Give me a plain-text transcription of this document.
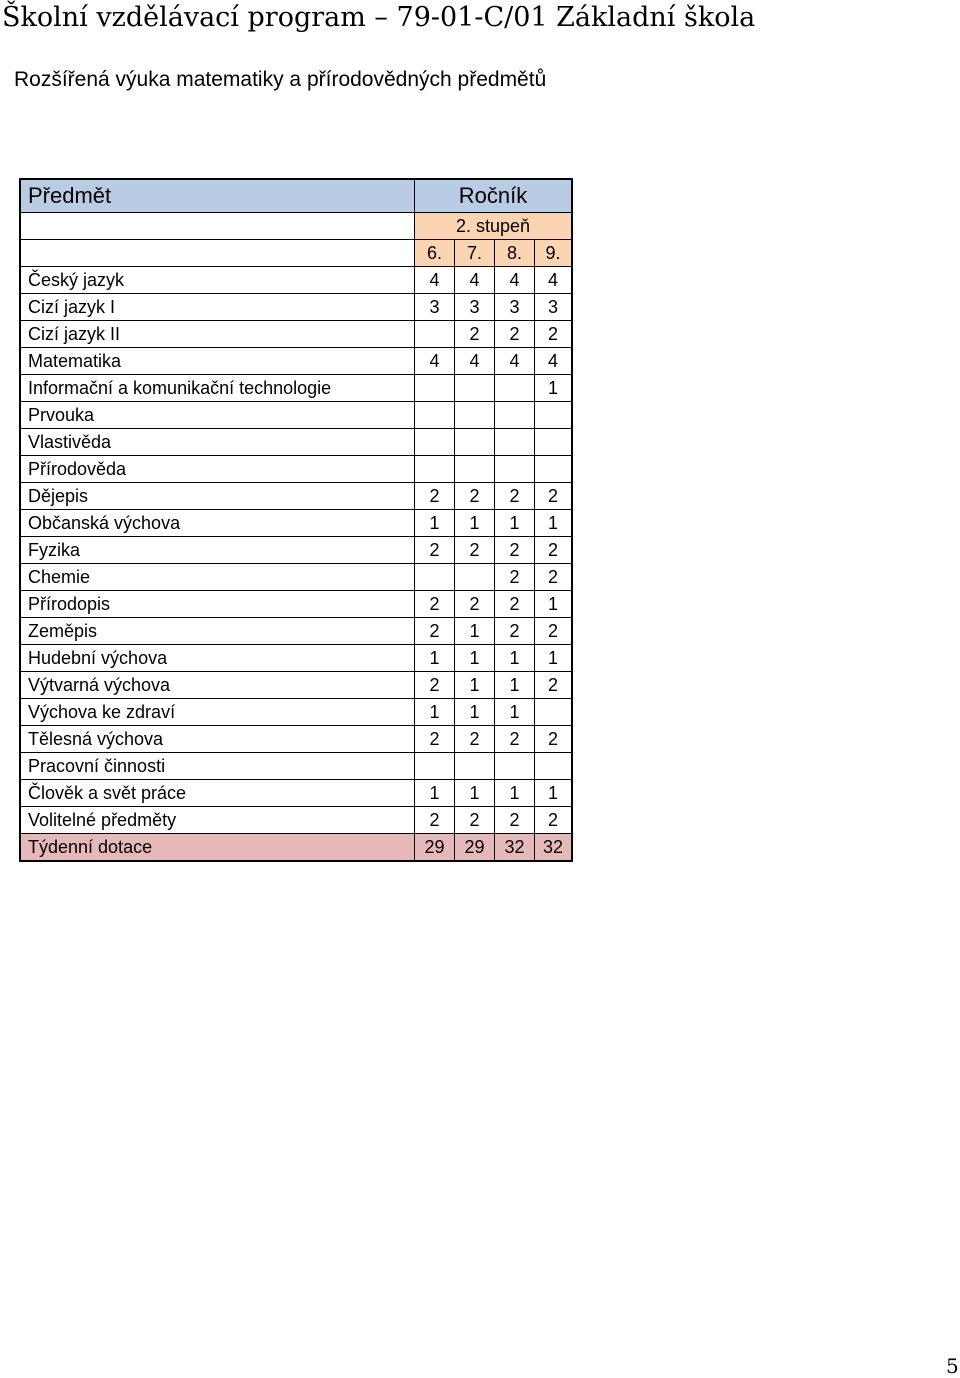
Školní vzdělávací program – 79-01-C/01 Základní škola
Rozšířená výuka matematiky a přírodovědných předmětů
Předmět	Ročník			
	2. stupeň			
	6.	7.	8.	9.
Český jazyk	4	4	4	4
Cizí jazyk I	3	3	3	3
Cizí jazyk II		2	2	2
Matematika	4	4	4	4
Informační a komunikační technologie				1
Prvouka				
Vlastivěda				
Přírodověda				
Dějepis	2	2	2	2
Občanská výchova	1	1	1	1
Fyzika	2	2	2	2
Chemie			2	2
Přírodopis	2	2	2	1
Zeměpis	2	1	2	2
Hudební výchova	1	1	1	1
Výtvarná výchova	2	1	1	2
Výchova ke zdraví	1	1	1	
Tělesná výchova	2	2	2	2
Pracovní činnosti				
Člověk a svět práce	1	1	1	1
Volitelné předměty	2	2	2	2
Týdenní dotace	29	29	32	32
5
